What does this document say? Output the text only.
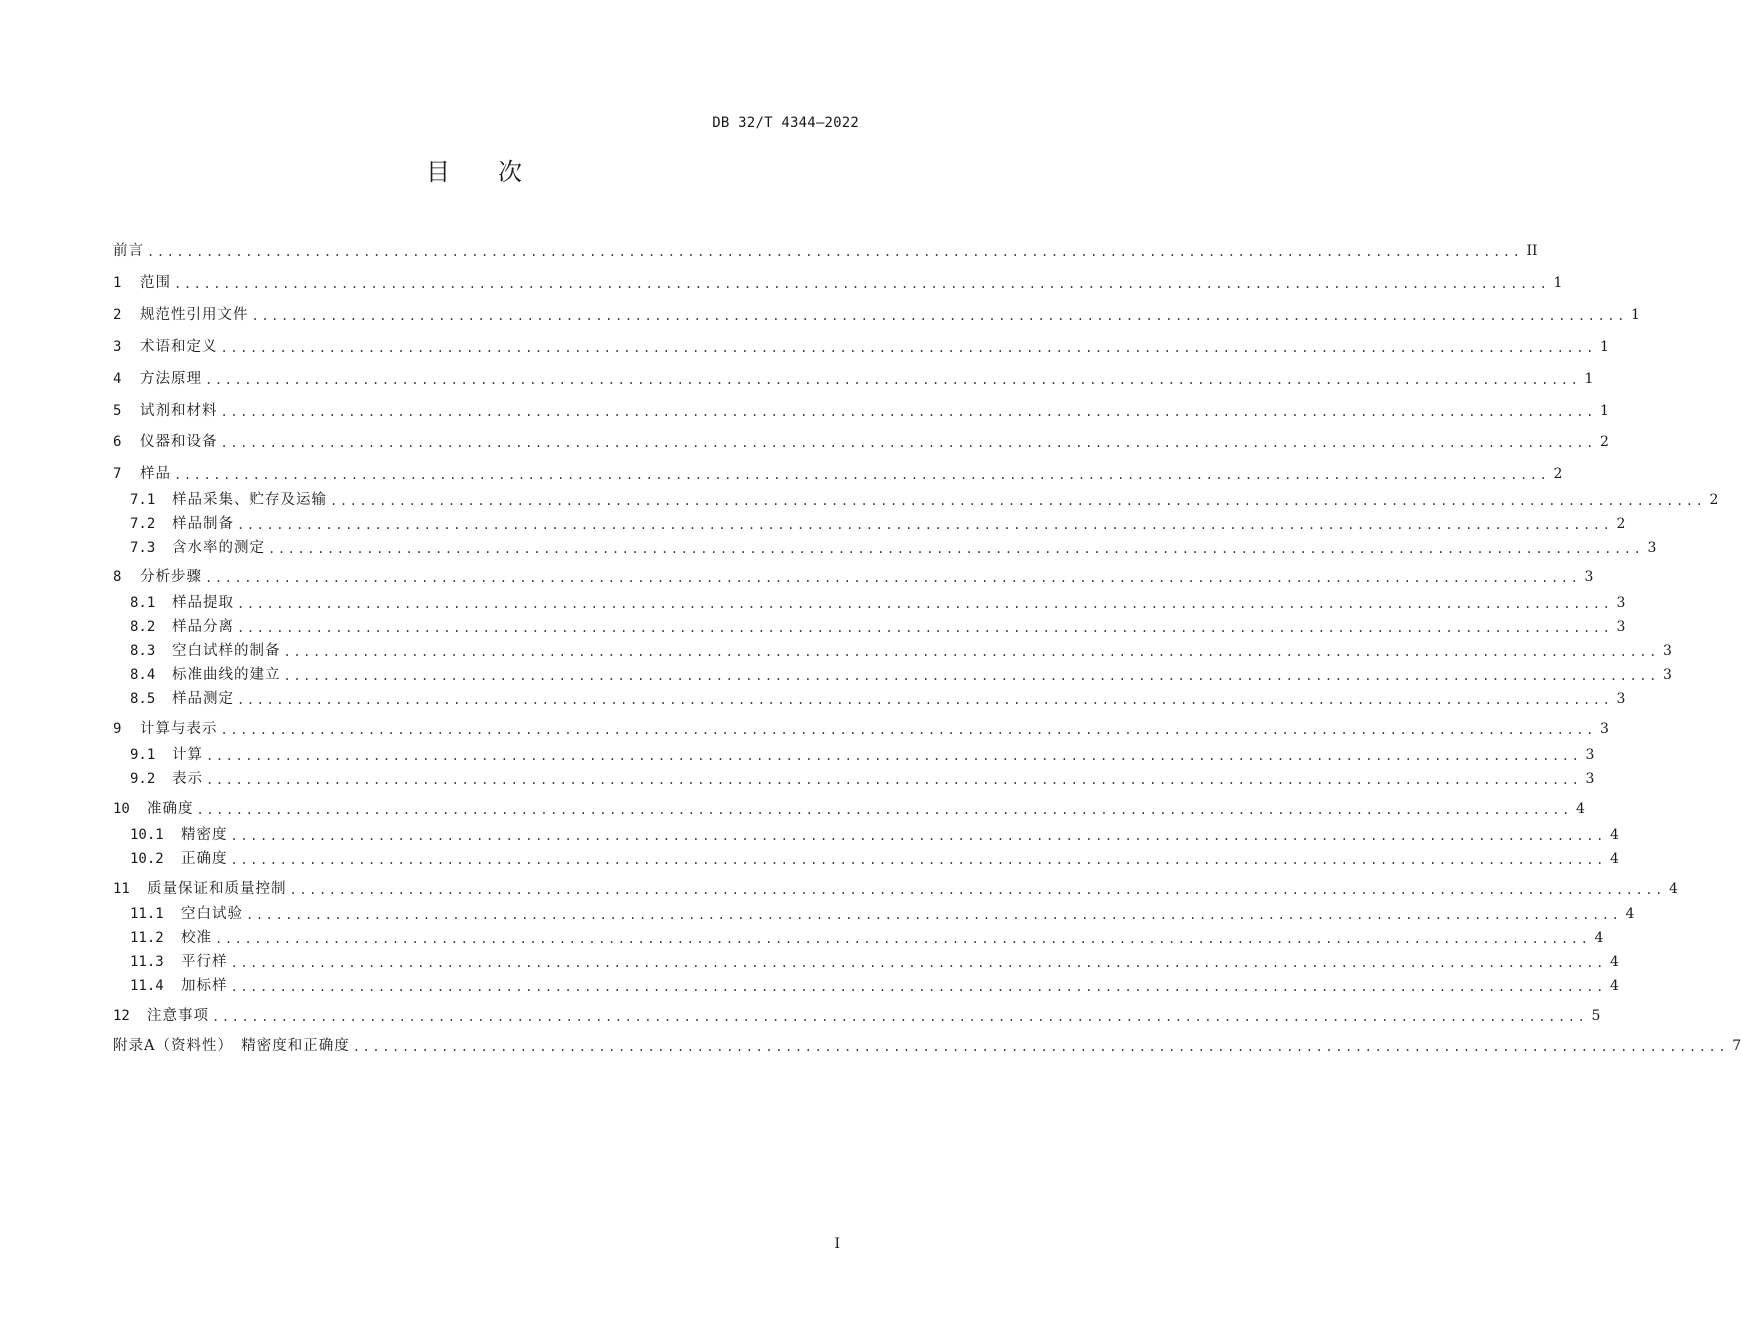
DB 32/T 4344—2022
目 次
前言 ............................................................................................................................................ II
1	范围 ............................................................................................................................................ 1
2	规范性引用文件 ............................................................................................................................................ 1
3	术语和定义 ............................................................................................................................................ 1
4	方法原理 ............................................................................................................................................ 1
5	试剂和材料 ............................................................................................................................................ 1
6	仪器和设备 ............................................................................................................................................ 2
7	样品 ............................................................................................................................................ 2
7.1	样品采集、贮存及运输 ............................................................................................................................................ 2
7.2	样品制备 ............................................................................................................................................ 2
7.3	含水率的测定 ............................................................................................................................................ 3
8	分析步骤 ............................................................................................................................................ 3
8.1	样品提取 ............................................................................................................................................ 3
8.2	样品分离 ............................................................................................................................................ 3
8.3	空白试样的制备 ............................................................................................................................................ 3
8.4	标准曲线的建立 ............................................................................................................................................ 3
8.5	样品测定 ............................................................................................................................................ 3
9	计算与表示 ............................................................................................................................................ 3
9.1	计算 ............................................................................................................................................ 3
9.2	表示 ............................................................................................................................................ 3
10	准确度 ............................................................................................................................................ 4
10.1	精密度 ............................................................................................................................................ 4
10.2	正确度 ............................................................................................................................................ 4
11	质量保证和质量控制 ............................................................................................................................................ 4
11.1	空白试验 ............................................................................................................................................ 4
11.2	校准 ............................................................................................................................................ 4
11.3	平行样 ............................................................................................................................................ 4
11.4	加标样 ............................................................................................................................................ 4
12	注意事项 ............................................................................................................................................ 5
附录A（资料性）　精密度和正确度 ............................................................................................................................................ 7
I
